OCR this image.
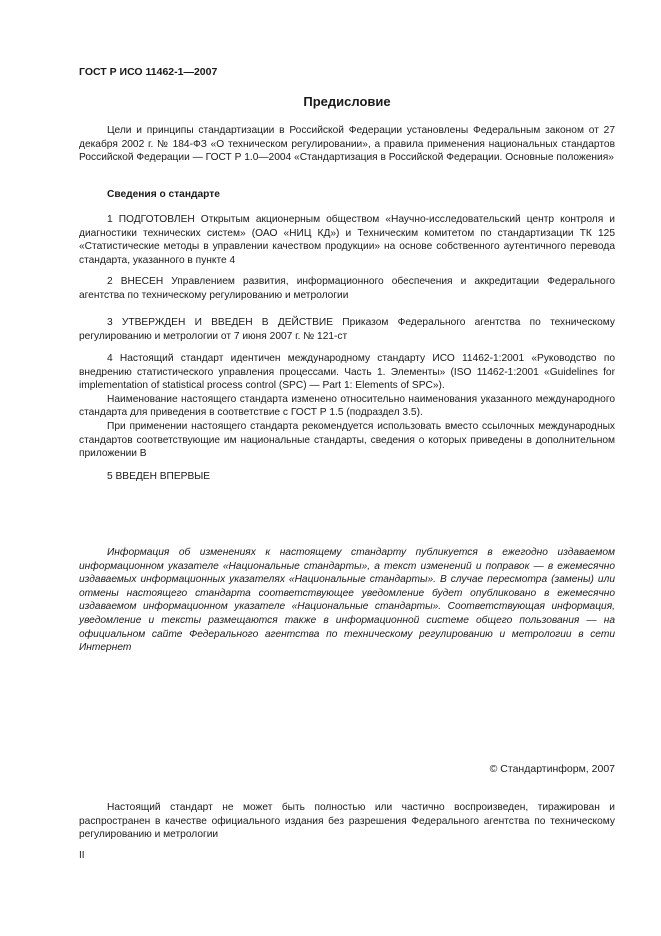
ГОСТ Р ИСО 11462-1—2007

Предисловие

Цели и принципы стандартизации в Российской Федерации установлены Федеральным законом от 27 декабря 2002 г. № 184-ФЗ «О техническом регулировании», а правила применения национальных стандартов Российской Федерации — ГОСТ Р 1.0—2004 «Стандартизация в Российской Федерации. Основные положения»

Сведения о стандарте

1 ПОДГОТОВЛЕН Открытым акционерным обществом «Научно-исследовательский центр контроля и диагностики технических систем» (ОАО «НИЦ КД») и Техническим комитетом по стандартизации ТК 125 «Статистические методы в управлении качеством продукции» на основе собственного аутентичного перевода стандарта, указанного в пункте 4

2 ВНЕСЕН Управлением развития, информационного обеспечения и аккредитации Федерального агентства по техническому регулированию и метрологии

3 УТВЕРЖДЕН И ВВЕДЕН В ДЕЙСТВИЕ Приказом Федерального агентства по техническому регулированию и метрологии от 7 июня 2007 г. № 121-ст

4 Настоящий стандарт идентичен международному стандарту ИСО 11462-1:2001 «Руководство по внедрению статистического управления процессами. Часть 1. Элементы» (ISO 11462-1:2001 «Guidelines for implementation of statistical process control (SPC) — Part 1: Elements of SPC»).

Наименование настоящего стандарта изменено относительно наименования указанного международного стандарта для приведения в соответствие с ГОСТ Р 1.5 (подраздел 3.5).

При применении настоящего стандарта рекомендуется использовать вместо ссылочных международных стандартов соответствующие им национальные стандарты, сведения о которых приведены в дополнительном приложении В

5 ВВЕДЕН ВПЕРВЫЕ

Информация об изменениях к настоящему стандарту публикуется в ежегодно издаваемом информационном указателе «Национальные стандарты», а текст изменений и поправок — в ежемесячно издаваемых информационных указателях «Национальные стандарты». В случае пересмотра (замены) или отмены настоящего стандарта соответствующее уведомление будет опубликовано в ежемесячно издаваемом информационном указателе «Национальные стандарты». Соответствующая информация, уведомление и тексты размещаются также в информационной системе общего пользования — на официальном сайте Федерального агентства по техническому регулированию и метрологии в сети Интернет

© Стандартинформ, 2007

Настоящий стандарт не может быть полностью или частично воспроизведен, тиражирован и распространен в качестве официального издания без разрешения Федерального агентства по техническому регулированию и метрологии

II
